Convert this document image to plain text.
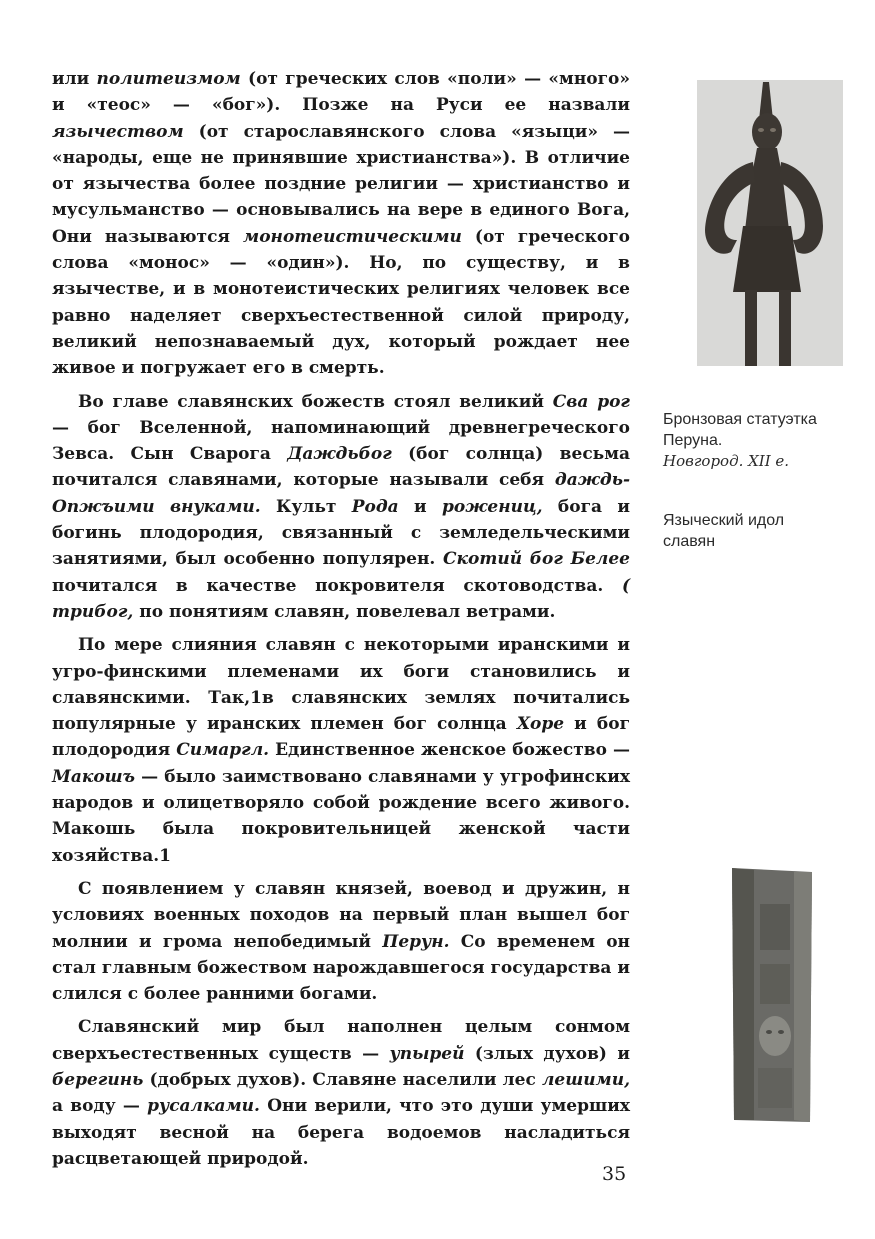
или политеизмом (от греческих слов «поли» — «много» и «теос» — «бог»). Позже на Руси ее назвали язычеством (от старославянского слова «языци» — «народы, еще не принявшие христианства»). В отличие от язычества более поздние религии — христианство и мусульманство — основывались на вере в единого Вога, Они называются монотеистическими (от греческого слова «монос» — «один»). Но, по существу, и в язычестве, и в монотеистических религиях человек все равно наделяет сверхъестественной силой природу, великий непознаваемый дух, который рождает нее живое и погружает его в смерть.

Во главе славянских божеств стоял великий Сва рог — бог Вселенной, напоминающий древнегреческого Зевса. Сын Сварога Даждьбог (бог солнца) весьма почитался славянами, которые называли себя даждь-Опжъими внуками. Культ Рода и рожениц, бога и богинь плодородия, связанный с земледельческими занятиями, был особенно популярен. Скотий бог Белее почитался в качестве покровителя скотоводства. ( трибог, по понятиям славян, повелевал ветрами.

По мере слияния славян с некоторыми иранскими и угро-финскими племенами их боги становились и славянскими. Так,1в славянских землях почитались популярные у иранских племен бог солнца Хоре и бог плодородия Симаргл. Единственное женское божество — Макошъ — было заимствовано славянами у угрофинских народов и олицетворяло собой рождение всего живого. Макошь была покровительницей женской части хозяйства.1

С появлением у славян князей, воевод и дружин, н условиях военных походов на первый план вышел бог молнии и грома непобедимый Перун. Со временем он стал главным божеством нарождавшегося государства и слился с более ранними богами.

Славянский мир был наполнен целым сонмом сверхъестественных существ — упырей (злых духов) и берегинь (добрых духов). Славяне населили лес лешими, а воду — русалками. Они верили, что это души умерших выходят весной на берега водоемов насладиться расцветающей природой.

Бронзовая статуэтка
Перуна.
Новгород. XII е.
Языческий идол
славян
35
